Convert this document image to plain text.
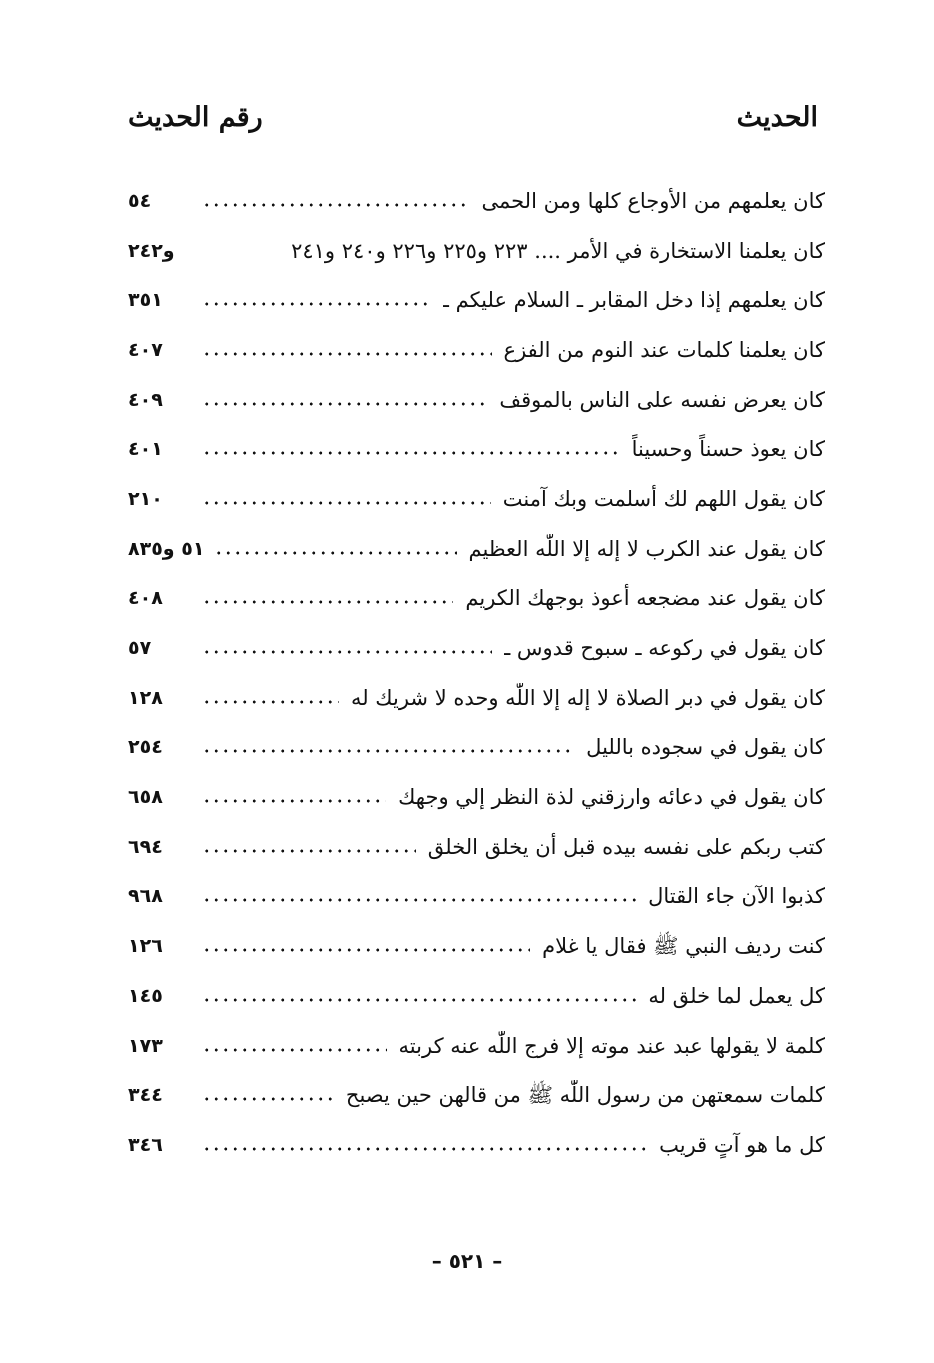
الحديث
رقم الحديث
كان يعلمهم من الأوجاع كلها ومن الحمى
٥٤
كان يعلمنا الاستخارة في الأمر .... ٢٢٣ و٢٢٥ و٢٢٦ و٢٤٠ و٢٤١
و٢٤٢
كان يعلمهم إذا دخل المقابر ـ السلام عليكم ـ
٣٥١
كان يعلمنا كلمات عند النوم من الفزع
٤٠٧
كان يعرض نفسه على الناس بالموقف
٤٠٩
كان يعوذ حسناً وحسيناً
٤٠١
كان يقول اللهم لك أسلمت وبك آمنت
٢١٠
كان يقول عند الكرب لا إله إلا اللّٰه العظيم
٥١ و٨٣٥
كان يقول عند مضجعه أعوذ بوجهك الكريم
٤٠٨
كان يقول في ركوعه ـ سبوح قدوس ـ
٥٧
كان يقول في دبر الصلاة لا إله إلا اللّٰه وحده لا شريك له
١٢٨
كان يقول في سجوده بالليل
٢٥٤
كان يقول في دعائه وارزقني لذة النظر إلي وجهك
٦٥٨
كتب ربكم على نفسه بيده قبل أن يخلق الخلق
٦٩٤
كذبوا الآن جاء القتال
٩٦٨
كنت رديف النبي ﷺ فقال يا غلام
١٢٦
كل يعمل لما خلق له
١٤٥
كلمة لا يقولها عبد عند موته إلا فرج اللّٰه عنه كربته
١٧٣
كلمات سمعتهن من رسول اللّٰه ﷺ من قالهن حين يصبح
٣٤٤
كل ما هو آتٍ قريب
٣٤٦
– ٥٢١ –
